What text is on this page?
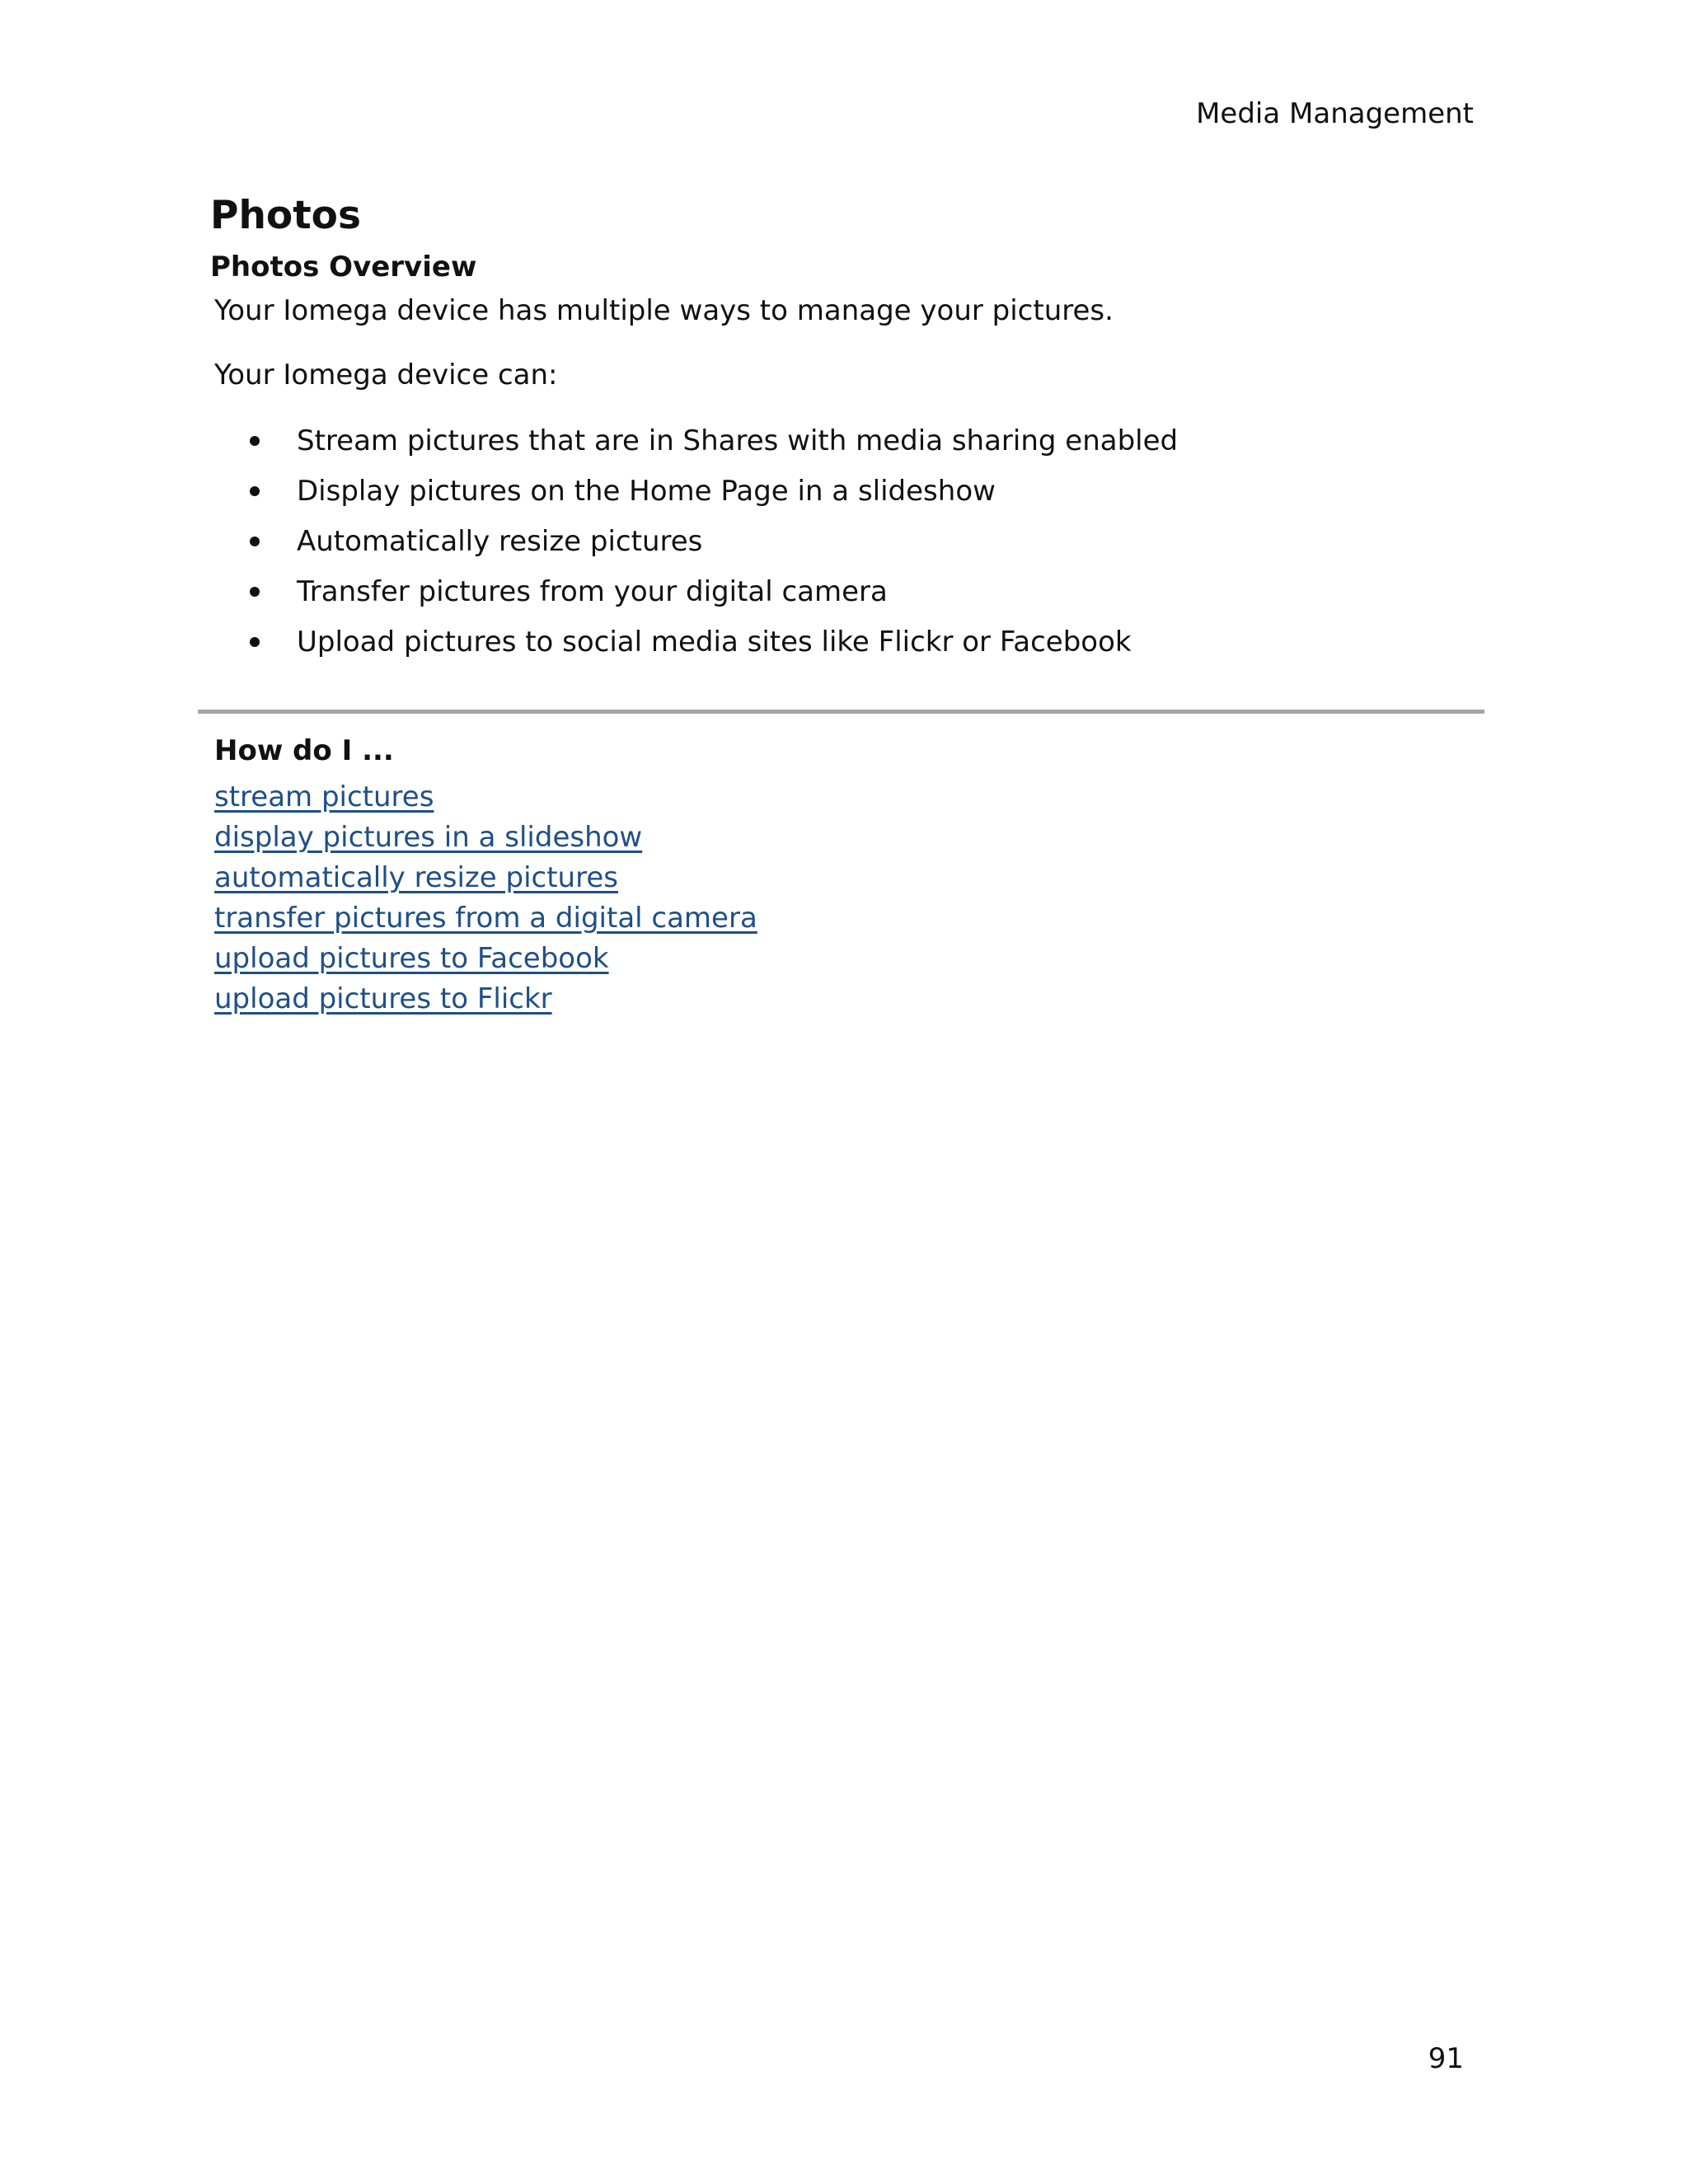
Media Management
Photos
Photos Overview

Your Iomega device has multiple ways to manage your pictures.

Your Iomega device can:

Stream pictures that are in Shares with media sharing enabled
Display pictures on the Home Page in a slideshow
Automatically resize pictures
Transfer pictures from your digital camera
Upload pictures to social media sites like Flickr or Facebook
How do I ...
stream pictures
display pictures in a slideshow
automatically resize pictures
transfer pictures from a digital camera
upload pictures to Facebook
upload pictures to Flickr
91
